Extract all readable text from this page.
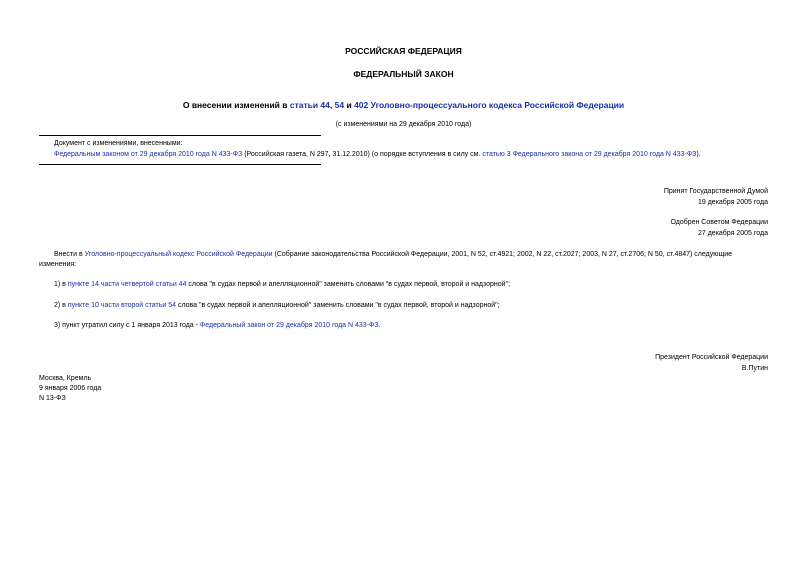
РОССИЙСКАЯ ФЕДЕРАЦИЯ
ФЕДЕРАЛЬНЫЙ ЗАКОН
О внесении изменений в статьи 44, 54 и 402 Уголовно-процессуального кодекса Российской Федерации
(с изменениями на 29 декабря 2010 года)
Документ с изменениями, внесенными:
Федеральным законом от 29 декабря 2010 года N 433-ФЗ (Российская газета, N 297, 31.12.2010) (о порядке вступления в силу см. статью 3 Федерального закона от 29 декабря 2010 года N 433-ФЗ).
Принят Государственной Думой
19 декабря 2005 года
Одобрен Советом Федерации
27 декабря 2005 года
Внести в Уголовно-процессуальный кодекс Российской Федерации (Собрание законодательства Российской Федерации, 2001, N 52, ст.4921; 2002, N 22, ст.2027; 2003, N 27, ст.2706; N 50, ст.4847) следующие изменения:
1) в пункте 14 части четвертой статьи 44 слова "в судах первой и апелляционной" заменить словами "в судах первой, второй и надзорной";
2) в пункте 10 части второй статьи 54 слова "в судах первой и апелляционной" заменить словами "в судах первой, второй и надзорной";
3) пункт утратил силу с 1 января 2013 года - Федеральный закон от 29 декабря 2010 года N 433-ФЗ.
Президент Российской Федерации
В.Путин
Москва, Кремль
9 января 2006 года
N 13-ФЗ
